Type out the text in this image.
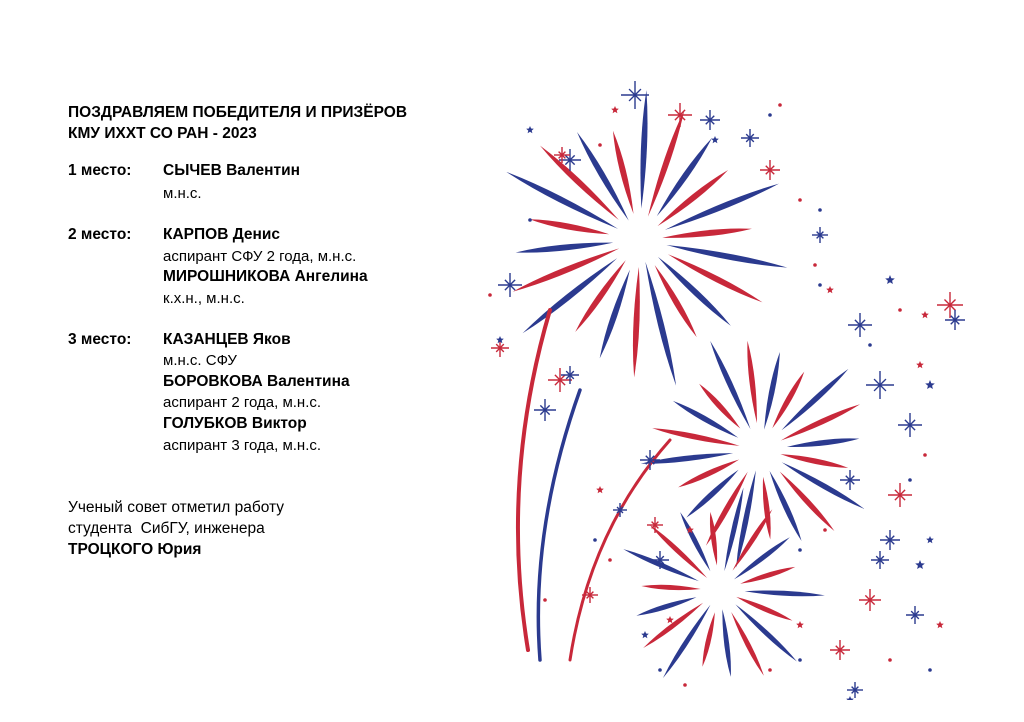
ПОЗДРАВЛЯЕМ ПОБЕДИТЕЛЯ И ПРИЗЁРОВ
КМУ ИХХТ СО РАН - 2023
1 место: СЫЧЕВ Валентин
м.н.с.
2 место: КАРПОВ Денис
аспирант СФУ 2 года, м.н.с.
МИРОШНИКОВА Ангелина
к.х.н., м.н.с.
3 место: КАЗАНЦЕВ Яков
м.н.с. СФУ
БОРОВКОВА Валентина
аспирант 2 года, м.н.с.
ГОЛУБКОВ Виктор
аспирант 3 года, м.н.с.
Ученый совет отметил работу
студента  СибГУ, инженера
ТРОЦКОГО Юрия
